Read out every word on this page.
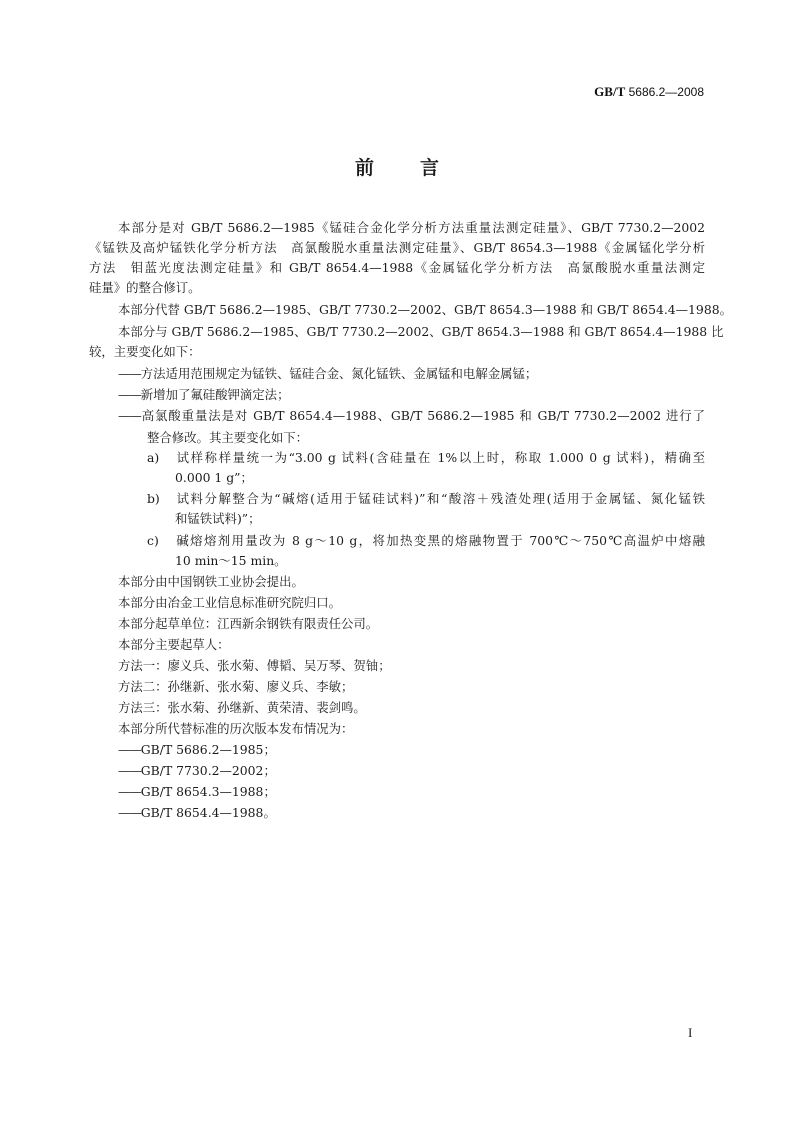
GB/T 5686.2—2008
前 言
本部分是对 GB/T 5686.2—1985《锰硅合金化学分析方法重量法测定硅量》、GB/T 7730.2—2002
《锰铁及高炉锰铁化学分析方法　高氯酸脱水重量法测定硅量》、GB/T 8654.3—1988《金属锰化学分析
方法　钼蓝光度法测定硅量》和 GB/T 8654.4—1988《金属锰化学分析方法　高氯酸脱水重量法测定
硅量》的整合修订。
本部分代替 GB/T 5686.2—1985、GB/T 7730.2—2002、GB/T 8654.3—1988 和 GB/T 8654.4—1988。
本部分与 GB/T 5686.2—1985、GB/T 7730.2—2002、GB/T 8654.3—1988 和 GB/T 8654.4—1988 比
较，主要变化如下：
——方法适用范围规定为锰铁、锰硅合金、氮化锰铁、金属锰和电解金属锰；
——新增加了氟硅酸钾滴定法；
——高氯酸重量法是对 GB/T 8654.4—1988、GB/T 5686.2—1985 和 GB/T 7730.2—2002 进行了
整合修改。其主要变化如下：
a) 试样称样量统一为“3.00 g 试料(含硅量在 1%以上时，称取 1.000 0 g 试料)，精确至
0.000 1 g”；
b) 试料分解整合为“碱熔(适用于锰硅试料)”和“酸溶＋残渣处理(适用于金属锰、氮化锰铁
和锰铁试料)”；
c) 碱熔熔剂用量改为 8 g～10 g，将加热变黑的熔融物置于 700℃～750℃高温炉中熔融
10 min～15 min。
本部分由中国钢铁工业协会提出。
本部分由冶金工业信息标准研究院归口。
本部分起草单位：江西新余钢铁有限责任公司。
本部分主要起草人：
方法一：廖义兵、张水菊、傅韬、吴万琴、贺铀；
方法二：孙继新、张水菊、廖义兵、李敏；
方法三：张水菊、孙继新、黄荣清、裴剑鸣。
本部分所代替标准的历次版本发布情况为：
——GB/T 5686.2—1985；
——GB/T 7730.2—2002；
——GB/T 8654.3—1988；
——GB/T 8654.4—1988。
I
